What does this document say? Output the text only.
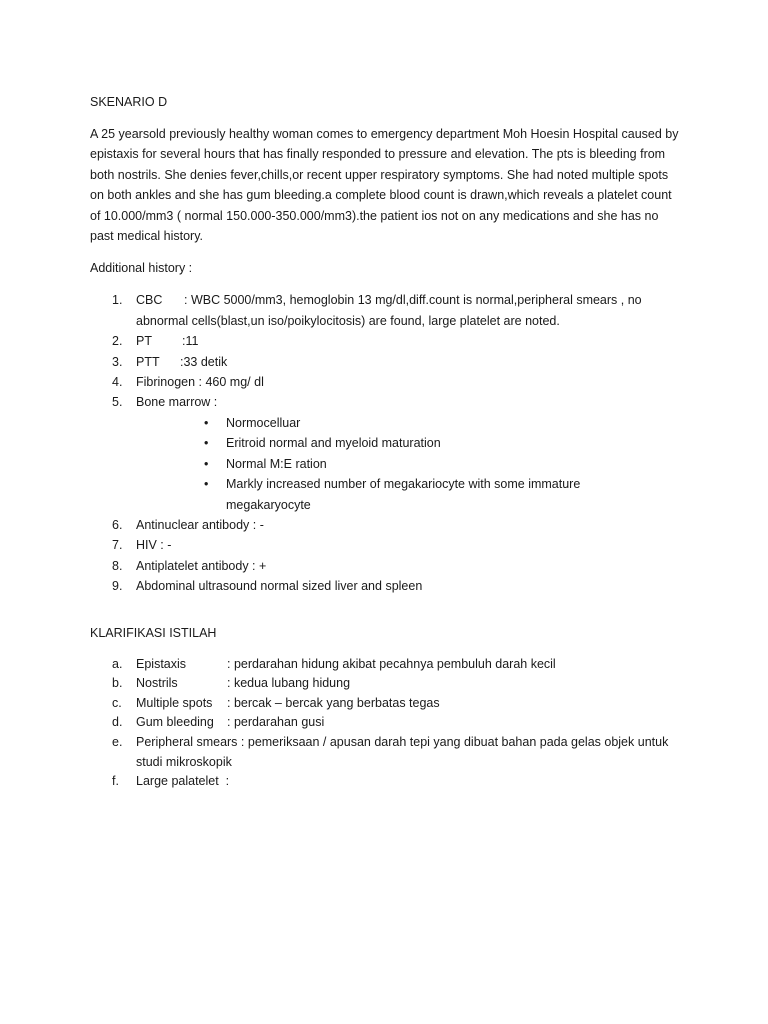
SKENARIO D

A 25 yearsold previously healthy woman comes to emergency department Moh Hoesin Hospital caused by epistaxis for several hours that has finally responded to pressure and elevation. The pts is bleeding from both nostrils. She denies fever,chills,or recent upper respiratory symptoms. She had noted multiple spots on both ankles and she has gum bleeding.a complete blood count is drawn,which reveals a platelet count of 10.000/mm3 ( normal 150.000-350.000/mm3).the patient ios not on any medications and she has no past medical history.

Additional history :

1. CBC : WBC 5000/mm3, hemoglobin 13 mg/dl,diff.count is normal,peripheral smears , no abnormal cells(blast,un iso/poikylocitosis) are found, large platelet are noted.
2. PT :11
3. PTT :33 detik
4. Fibrinogen : 460 mg/ dl
5. Bone marrow :
• Normocelluar
• Eritroid normal and myeloid maturation
• Normal M:E ration
• Markly increased number of megakariocyte with some immature megakaryocyte
6. Antinuclear antibody : -
7. HIV : -
8. Antiplatelet antibody : +
9. Abdominal ultrasound normal sized liver and spleen

KLARIFIKASI ISTILAH

a. Epistaxis	: perdarahan hidung akibat pecahnya pembuluh darah kecil
b. Nostrils	: kedua lubang hidung
c. Multiple spots : bercak – bercak yang berbatas tegas
d. Gum bleeding : perdarahan gusi
e. Peripheral smears : pemeriksaan / apusan darah tepi yang dibuat bahan pada gelas objek untuk studi mikroskopik
f. Large palatelet :
